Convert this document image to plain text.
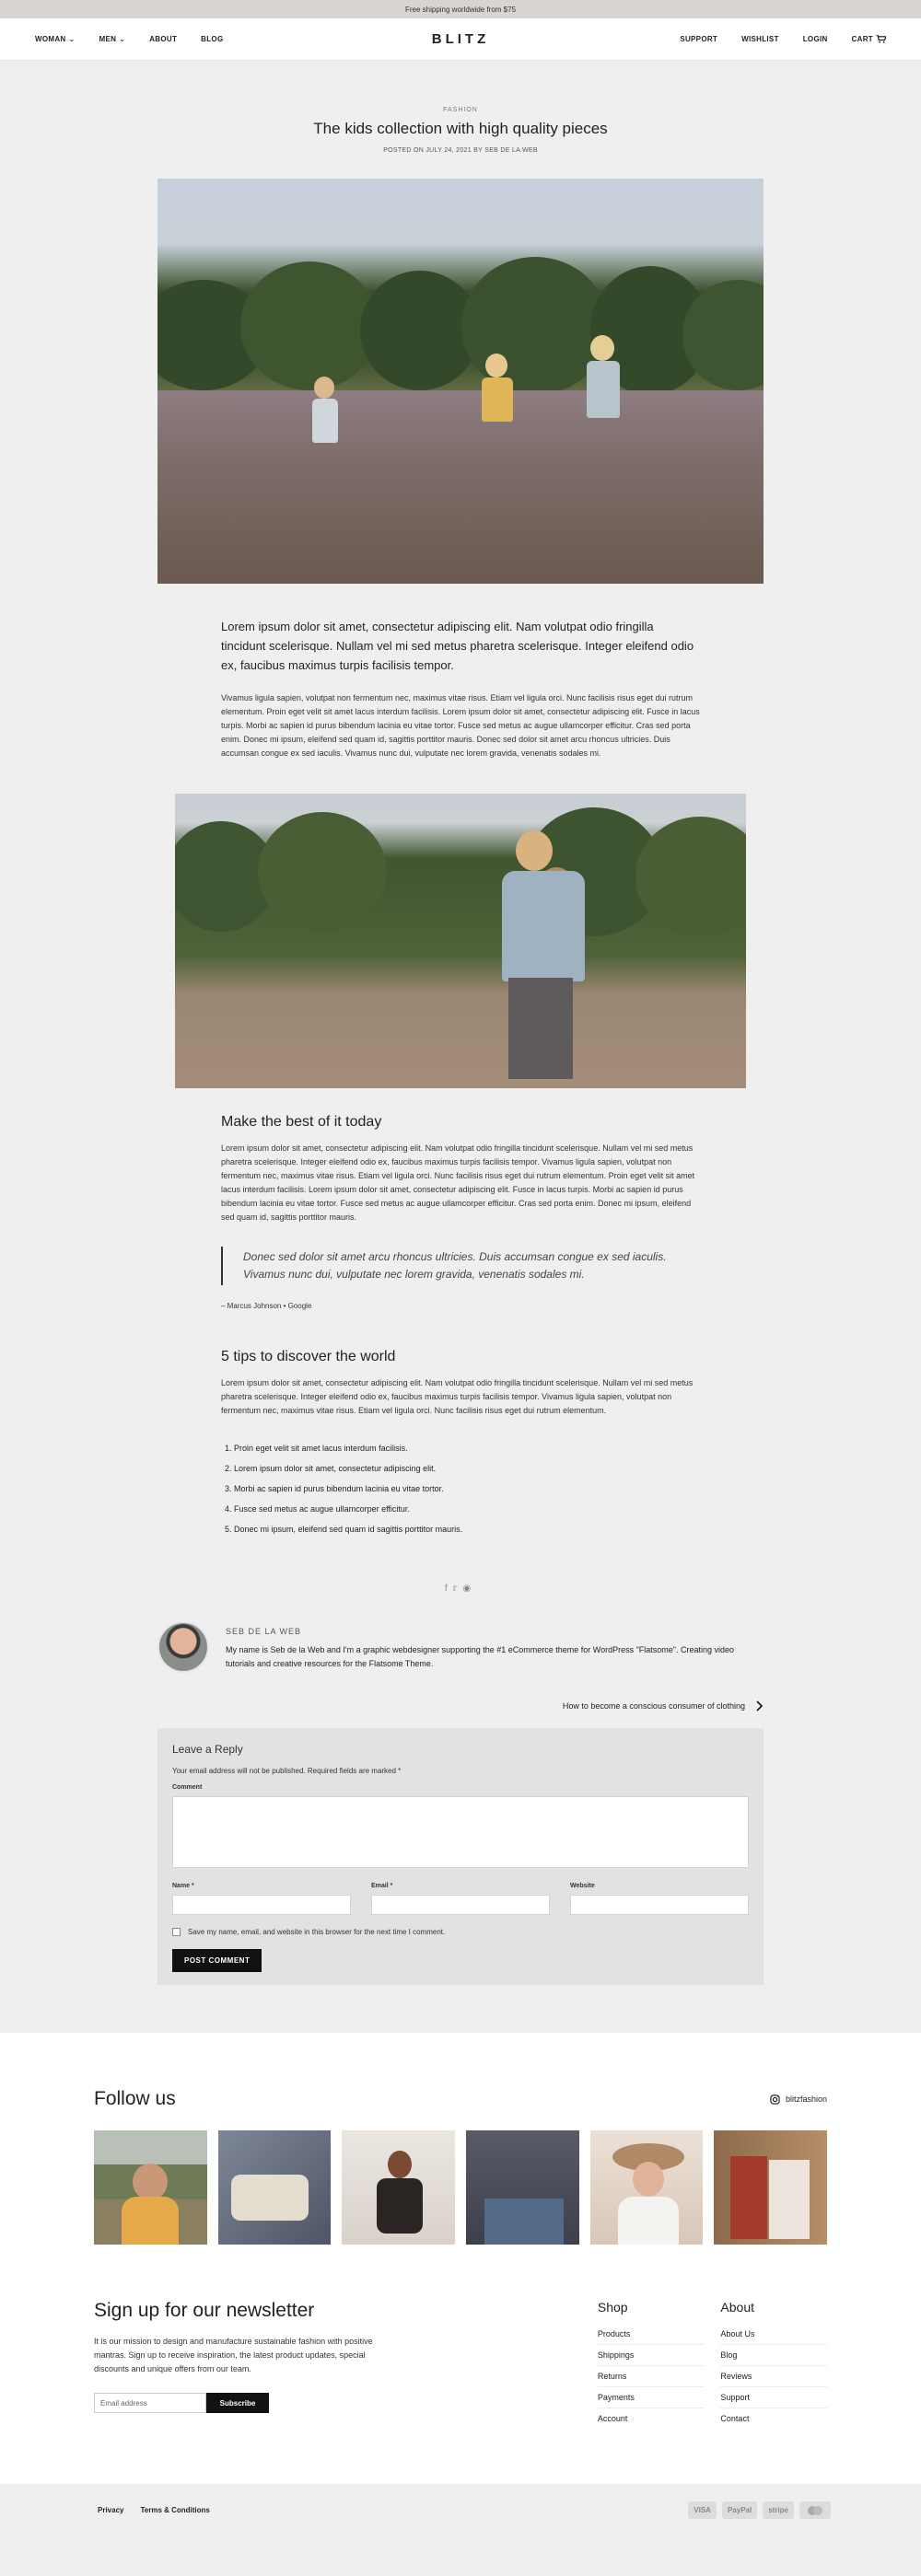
Free shipping worldwide from $75
WOMAN ⌄	MEN ⌄	ABOUT	BLOG	BLITZ	SUPPORT	WISHLIST	LOGIN	CART
FASHION
The kids collection with high quality pieces
POSTED ON JULY 24, 2021 BY SEB DE LA WEB

Lorem ipsum dolor sit amet, consectetur adipiscing elit. Nam volutpat odio fringilla tincidunt scelerisque. Nullam vel mi sed metus pharetra scelerisque. Integer eleifend odio ex, faucibus maximus turpis facilisis tempor.

Vivamus ligula sapien, volutpat non fermentum nec, maximus vitae risus. Etiam vel ligula orci. Nunc facilisis risus eget dui rutrum elementum. Proin eget velit sit amet lacus interdum facilisis. Lorem ipsum dolor sit amet, consectetur adipiscing elit. Fusce in lacus turpis. Morbi ac sapien id purus bibendum lacinia eu vitae tortor. Fusce sed metus ac augue ullamcorper efficitur. Cras sed porta enim. Donec mi ipsum, eleifend sed quam id, sagittis porttitor mauris. Donec sed dolor sit amet arcu rhoncus ultricies. Duis accumsan congue ex sed iaculis. Vivamus nunc dui, vulputate nec lorem gravida, venenatis sodales mi.

Make the best of it today

Lorem ipsum dolor sit amet, consectetur adipiscing elit. Nam volutpat odio fringilla tincidunt scelerisque. Nullam vel mi sed metus pharetra scelerisque. Integer eleifend odio ex, faucibus maximus turpis facilisis tempor. Vivamus ligula sapien, volutpat non fermentum nec, maximus vitae risus. Etiam vel ligula orci. Nunc facilisis risus eget dui rutrum elementum. Proin eget velit sit amet lacus interdum facilisis. Lorem ipsum dolor sit amet, consectetur adipiscing elit. Fusce in lacus turpis. Morbi ac sapien id purus bibendum lacinia eu vitae tortor. Fusce sed metus ac augue ullamcorper efficitur. Cras sed porta enim. Donec mi ipsum, eleifend sed quam id, sagittis porttitor mauris.

Donec sed dolor sit amet arcu rhoncus ultricies. Duis accumsan congue ex sed iaculis. Vivamus nunc dui, vulputate nec lorem gravida, venenatis sodales mi.

– Marcus Johnson • Google

5 tips to discover the world

Lorem ipsum dolor sit amet, consectetur adipiscing elit. Nam volutpat odio fringilla tincidunt scelerisque. Nullam vel mi sed metus pharetra scelerisque. Integer eleifend odio ex, faucibus maximus turpis facilisis tempor. Vivamus ligula sapien, volutpat non fermentum nec, maximus vitae risus. Etiam vel ligula orci. Nunc facilisis risus eget dui rutrum elementum.

1. Proin eget velit sit amet lacus interdum facilisis.
2. Lorem ipsum dolor sit amet, consectetur adipiscing elit.
3. Morbi ac sapien id purus bibendum lacinia eu vitae tortor.
4. Fusce sed metus ac augue ullamcorper efficitur.
5. Donec mi ipsum, eleifend sed quam id sagittis porttitor mauris.
f𝕣◉
SEB DE LA WEB

My name is Seb de la Web and I'm a graphic webdesigner supporting the #1 eCommerce theme for WordPress "Flatsome". Creating video tutorials and creative resources for the Flatsome Theme.

How to become a conscious consumer of clothing
Leave a Reply

Your email address will not be published. Required fields are marked *

Comment
Name *	Email *	Website
Save my name, email, and website in this browser for the next time I comment.
POST COMMENT
Follow us	blitzfashion
Sign up for our newsletter

It is our mission to design and manufacture sustainable fashion with positive mantras. Sign up to receive inspiration, the latest product updates, special discounts and unique offers from our team.

Email address	Subscribe
Shop
Products
Shippings
Returns
Payments
Account
About
About Us
Blog
Reviews
Support
Contact
Privacy Terms & Conditions	VISA	PayPal	stripe
